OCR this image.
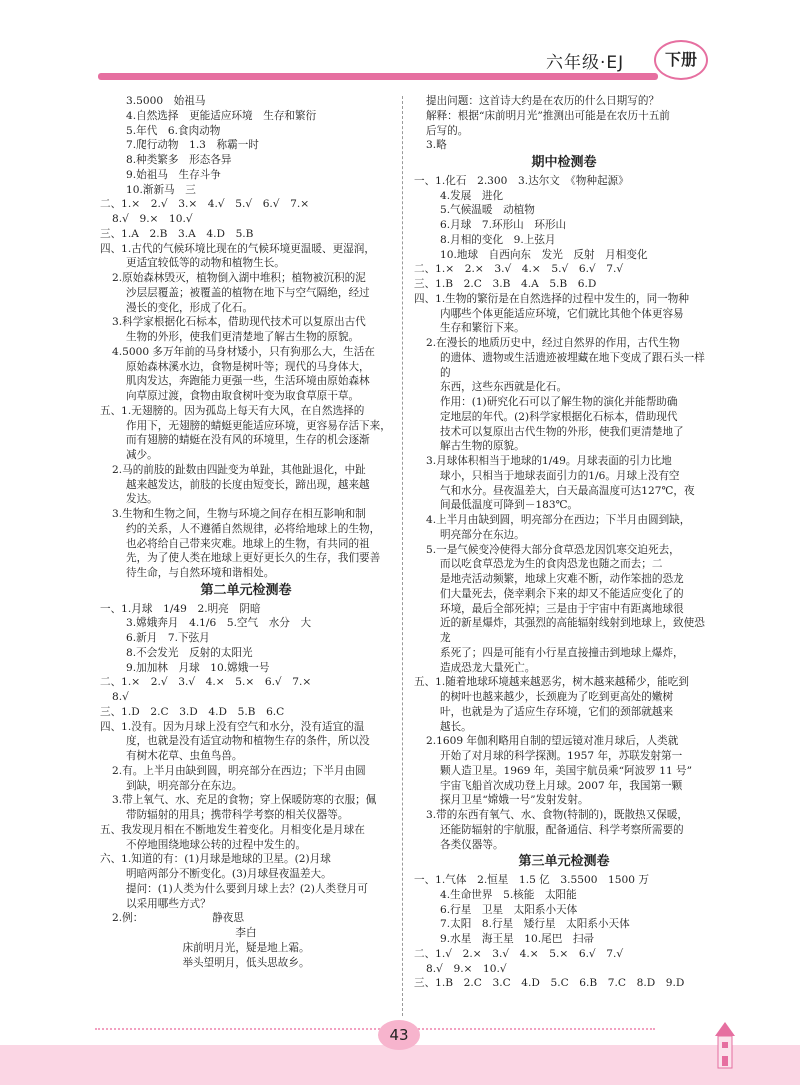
六年级·EJ	下册
3.5000　始祖马
4.自然选择　更能适应环境　生存和繁衍
5.年代　6.食肉动物
7.爬行动物　1.3　称霸一时
8.种类繁多　形态各异
9.始祖马　生存斗争
10.渐新马　三
二、1.×　2.√　3.×　4.√　5.√　6.√　7.×
8.√　9.×　10.√
三、1.A　2.B　3.A　4.D　5.B
四、1.古代的气候环境比现在的气候环境更温暖、更湿润，
更适宜较低等的动物和植物生长。
2.原始森林毁灭，植物倒入湖中堆积；植物被沉积的泥
沙层层覆盖；被覆盖的植物在地下与空气隔绝，经过
漫长的变化，形成了化石。
3.科学家根据化石标本，借助现代技术可以复原出古代
生物的外形，使我们更清楚地了解古生物的原貌。
4.5000 多万年前的马身材矮小，只有狗那么大，生活在
原始森林溪水边，食物是树叶等；现代的马身体大，
肌肉发达，奔跑能力更强一些，生活环境由原始森林
向草原过渡，食物由取食树叶变为取食草原干草。
五、1.无翅膀的。因为孤岛上每天有大风，在自然选择的
作用下，无翅膀的蜻蜓更能适应环境，更容易存活下来，
而有翅膀的蜻蜓在没有风的环境里，生存的机会逐渐
减少。
2.马的前肢的趾数由四趾变为单趾，其他趾退化，中趾
越来越发达，前肢的长度由短变长，蹄出现，越来越
发达。
3.生物和生物之间，生物与环境之间存在相互影响和制
约的关系，人不遵循自然规律，必将给地球上的生物，
也必将给自己带来灾难。地球上的生物，有共同的祖
先，为了使人类在地球上更好更长久的生存，我们要善
待生命，与自然环境和谐相处。
第二单元检测卷
一、1.月球　1/49　2.明亮　阴暗
3.嫦娥奔月　4.1/6　5.空气　水分　大
6.新月　7.下弦月
8.不会发光　反射的太阳光
9.加加林　月球　10.嫦娥一号
二、1.×　2.√　3.√　4.×　5.×　6.√　7.×
8.√
三、1.D　2.C　3.D　4.D　5.B　6.C
四、1.没有。因为月球上没有空气和水分，没有适宜的温
度，也就是没有适宜动物和植物生存的条件，所以没
有树木花草、虫鱼鸟兽。
2.有。上半月由缺到圆，明亮部分在西边；下半月由圆
到缺，明亮部分在东边。
3.带上氧气、水、充足的食物；穿上保暖防寒的衣服；佩
带防辐射的用具；携带科学考察的相关仪器等。
五、我发现月相在不断地发生着变化。月相变化是月球在
不停地围绕地球公转的过程中发生的。
六、1.知道的有：(1)月球是地球的卫星。(2)月球
明暗两部分不断变化。(3)月球昼夜温差大。
提问：(1)人类为什么要到月球上去？(2)人类登月可
以采用哪些方式？
2.例：　　　　　　　静夜思
李白
床前明月光，疑是地上霜。
举头望明月，低头思故乡。
提出问题：这首诗大约是在农历的什么日期写的？
解释：根据“床前明月光”推测出可能是在农历十五前
后写的。
3.略
期中检测卷
一、1.化石　2.300　3.达尔文　《物种起源》
4.发展　进化
5.气候温暖　动植物
6.月球　7.环形山　环形山
8.月相的变化　9.上弦月
10.地球　自西向东　发光　反射　月相变化
二、1.×　2.×　3.√　4.×　5.√　6.√　7.√
三、1.B　2.C　3.B　4.A　5.B　6.D
四、1.生物的繁衍是在自然选择的过程中发生的，同一物种
内哪些个体更能适应环境，它们就比其他个体更容易
生存和繁衍下来。
2.在漫长的地质历史中，经过自然界的作用，古代生物
的遗体、遗物或生活遗迹被埋藏在地下变成了跟石头一样的
东西，这些东西就是化石。
作用：(1)研究化石可以了解生物的演化并能帮助确
定地层的年代。(2)科学家根据化石标本，借助现代
技术可以复原出古代生物的外形，使我们更清楚地了
解古生物的原貌。
3.月球体积相当于地球的1/49。月球表面的引力比地
球小，只相当于地球表面引力的1/6。月球上没有空
气和水分。昼夜温差大，白天最高温度可达127℃，夜
间最低温度可降到－183℃。
4.上半月由缺到圆，明亮部分在西边；下半月由圆到缺，
明亮部分在东边。
5.一是气候变冷使得大部分食草恐龙因饥寒交迫死去，
而以吃食草恐龙为生的食肉恐龙也随之而去；二
是地壳活动频繁，地球上灾难不断，动作笨拙的恐龙
们大量死去，侥幸剩余下来的却又不能适应变化了的
环境，最后全部死掉；三是由于宇宙中有距离地球很
近的新星爆炸，其强烈的高能辐射线射到地球上，致使恐龙
系死了；四是可能有小行星直接撞击到地球上爆炸，
造成恐龙大量死亡。
五、1.随着地球环境越来越恶劣，树木越来越稀少，能吃到
的树叶也越来越少，长颈鹿为了吃到更高处的嫩树
叶，也就是为了适应生存环境，它们的颈部就越来
越长。
2.1609 年伽利略用自制的望远镜对准月球后，人类就
开始了对月球的科学探测。1957 年，苏联发射第一
颗人造卫星。1969 年，美国宇航员乘“阿波罗 11 号”
宇宙飞船首次成功登上月球。2007 年，我国第一颗
探月卫星“嫦娥一号”发射发射。
3.带的东西有氧气、水、食物(特制的)，既散热又保暖，
还能防辐射的宇航服，配备通信、科学考察所需要的
各类仪器等。
第三单元检测卷
一、1.气体　2.恒星　1.5 亿　3.5500　1500 万
4.生命世界　5.核能　太阳能
6.行星　卫星　太阳系小天体
7.太阳　8.行星　矮行星　太阳系小天体
9.水星　海王星　10.尾巴　扫帚
二、1.√　2.×　3.√　4.×　5.×　6.√　7.√
8.√　9.×　10.√
三、1.B　2.C　3.C　4.D　5.C　6.B　7.C　8.D　9.D
43
